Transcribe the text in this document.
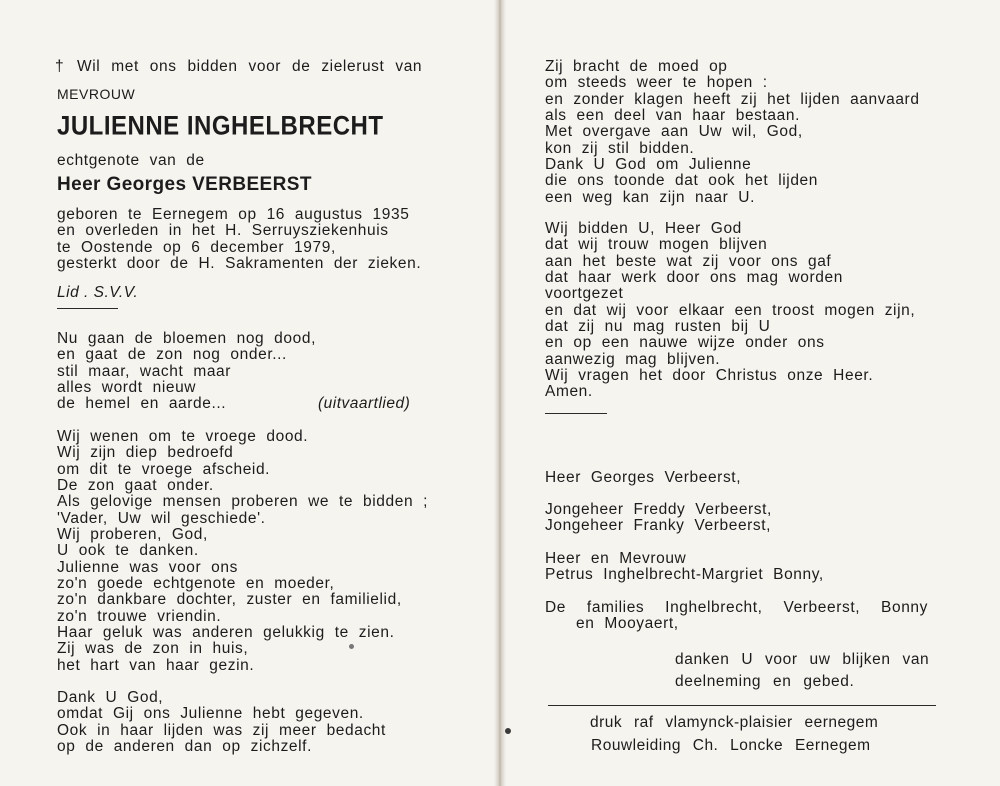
† Wil met ons bidden voor de zielerust van
MEVROUW
JULIENNE INGHELBRECHT
echtgenote van de
Heer Georges VERBEERST
geboren te Eernegem op 16 augustus 1935
en overleden in het H. Serruysziekenhuis
te Oostende op 6 december 1979,
gesterkt door de H. Sakramenten der zieken.
Lid . S.V.V.
Nu gaan de bloemen nog dood,
en gaat de zon nog onder...
stil maar, wacht maar
alles wordt nieuw
de hemel en aarde...	(uitvaartlied)
Wij wenen om te vroege dood.
Wij zijn diep bedroefd
om dit te vroege afscheid.
De zon gaat onder.
Als gelovige mensen proberen we te bidden ;
'Vader, Uw wil geschiede'.
Wij proberen, God,
U ook te danken.
Julienne was voor ons
zo'n goede echtgenote en moeder,
zo'n dankbare dochter, zuster en familielid,
zo'n trouwe vriendin.
Haar geluk was anderen gelukkig te zien.
Zij was de zon in huis,
het hart van haar gezin.
Dank U God,
omdat Gij ons Julienne hebt gegeven.
Ook in haar lijden was zij meer bedacht
op de anderen dan op zichzelf.
Zij bracht de moed op
om steeds weer te hopen :
en zonder klagen heeft zij het lijden aanvaard
als een deel van haar bestaan.
Met overgave aan Uw wil, God,
kon zij stil bidden.
Dank U God om Julienne
die ons toonde dat ook het lijden
een weg kan zijn naar U.
Wij bidden U, Heer God
dat wij trouw mogen blijven
aan het beste wat zij voor ons gaf
dat haar werk door ons mag worden
voortgezet
en dat wij voor elkaar een troost mogen zijn,
dat zij nu mag rusten bij U
en op een nauwe wijze onder ons
aanwezig mag blijven.
Wij vragen het door Christus onze Heer.
Amen.
Heer Georges Verbeerst,
Jongeheer Freddy Verbeerst,
Jongeheer Franky Verbeerst,
Heer en Mevrouw
Petrus Inghelbrecht-Margriet Bonny,
De families Inghelbrecht, Verbeerst, Bonny
en Mooyaert,
danken U voor uw blijken van
deelneming en gebed.
druk raf vlamynck-plaisier eernegem
Rouwleiding Ch. Loncke Eernegem
